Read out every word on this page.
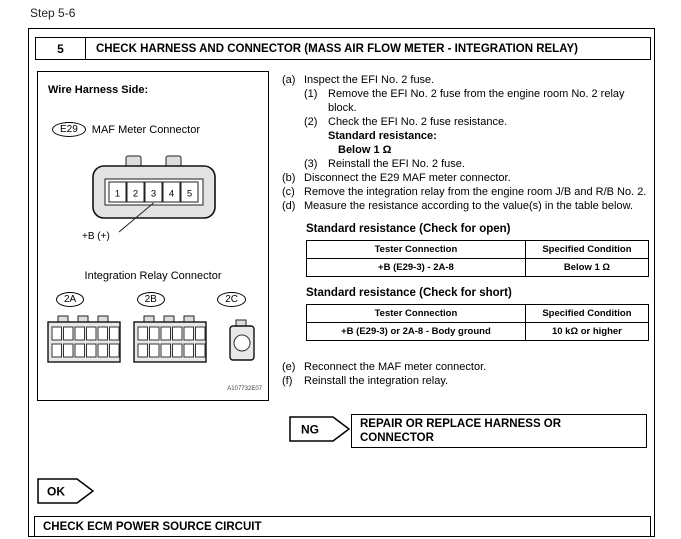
Step 5-6
5	CHECK HARNESS AND CONNECTOR (MASS AIR FLOW METER - INTEGRATION RELAY)
Wire Harness Side:
E29	MAF Meter Connector
1 2 3 4 5
+B (+)
Integration Relay Connector
2A	2B	2C
A107732E07
(a) Inspect the EFI No. 2 fuse.
(1) Remove the EFI No. 2 fuse from the engine room No. 2 relay block.
(2) Check the EFI No. 2 fuse resistance.
Standard resistance:
Below 1 Ω
(3) Reinstall the EFI No. 2 fuse.
(b) Disconnect the E29 MAF meter connector.
(c) Remove the integration relay from the engine room J/B and R/B No. 2.
(d) Measure the resistance according to the value(s) in the table below.
Standard resistance (Check for open)
Tester Connection	Specified Condition
+B (E29-3) - 2A-8	Below 1 Ω
Standard resistance (Check for short)
Tester Connection	Specified Condition
+B (E29-3) or 2A-8 - Body ground	10 kΩ or higher
(e) Reconnect the MAF meter connector.
(f)	Reinstall the integration relay.
NG	REPAIR OR REPLACE HARNESS OR
CONNECTOR
OK
CHECK ECM POWER SOURCE CIRCUIT
